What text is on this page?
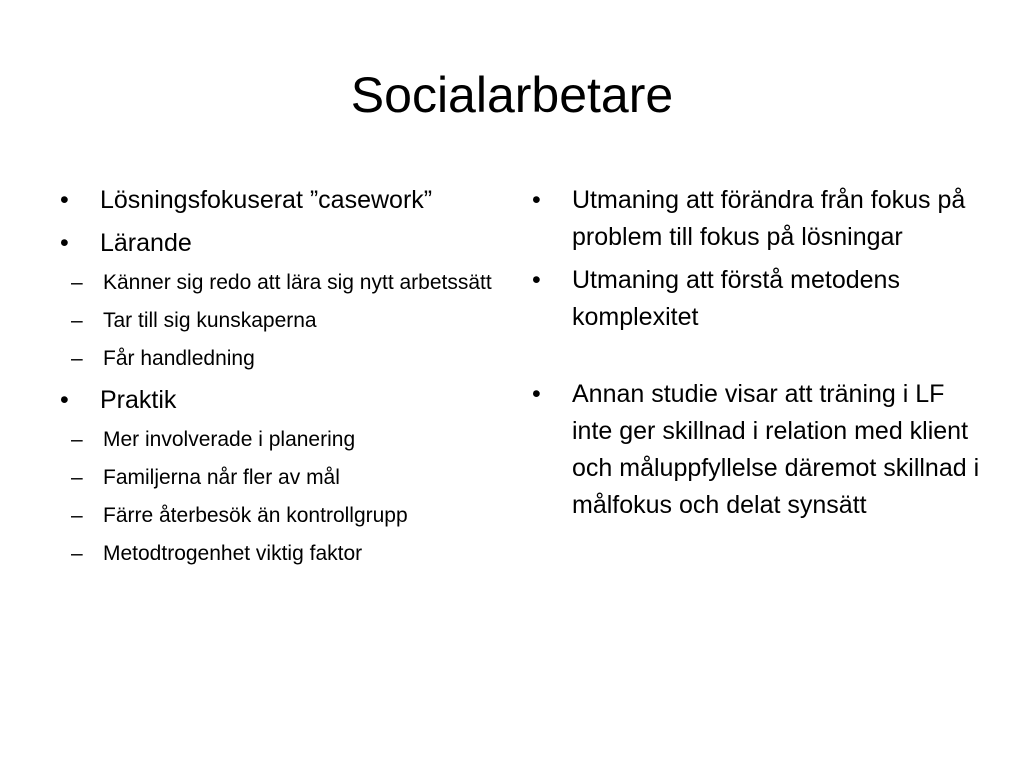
Socialarbetare
•	Lösningsfokuserat ”casework”
•	Lärande
– Känner sig redo att lära sig nytt arbetssätt
– Tar till sig kunskaperna
– Får handledning
•	Praktik
– Mer involverade i planering
– Familjerna når fler av mål
– Färre återbesök än kontrollgrupp
– Metodtrogenhet viktig faktor
•	Utmaning att förändra från fokus på problem till fokus på lösningar
•	Utmaning att förstå metodens komplexitet
•	Annan studie visar att träning i LF inte ger skillnad i relation med klient och måluppfyllelse däremot skillnad i målfokus och delat synsätt
